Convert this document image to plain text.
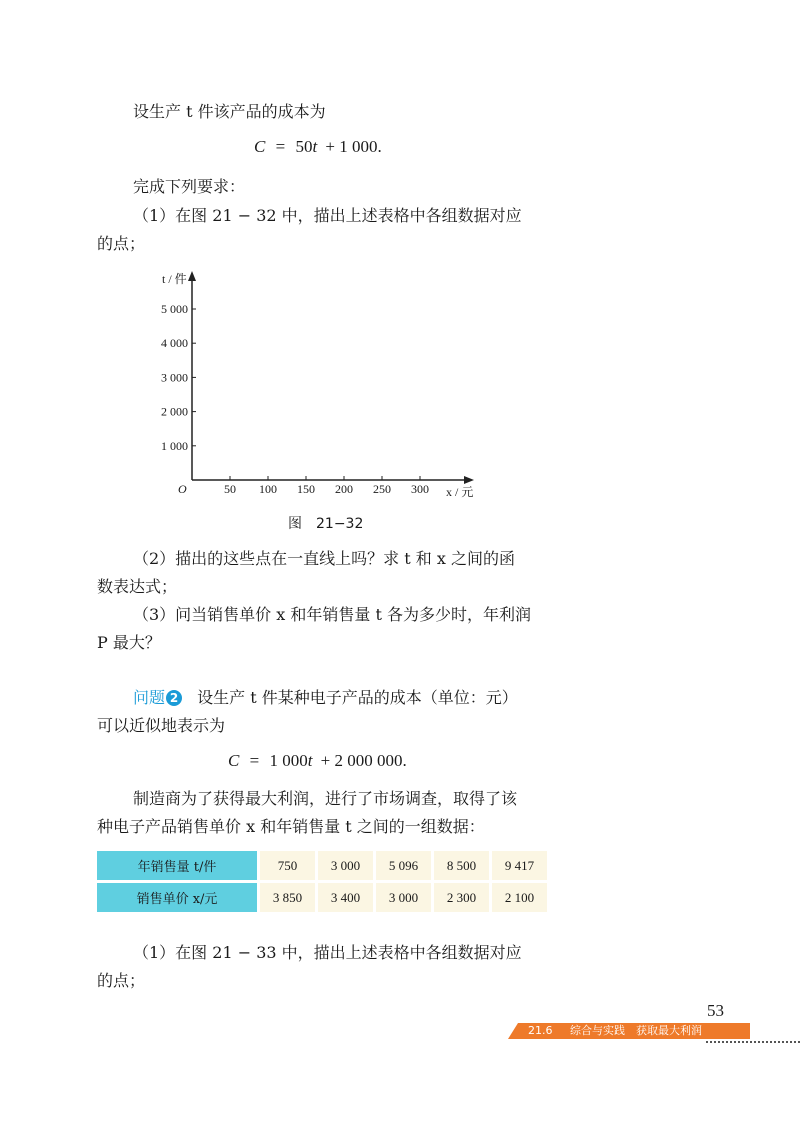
设生产 t 件该产品的成本为
C = 50t + 1 000.
完成下列要求：
（1）在图 21 − 32 中，描出上述表格中各组数据对应
的点；
50 100 150 200 250 300
1 000
2 000
3 000
4 000
5 000
O	x / 元
t / 件
图　21−32
（2）描出的这些点在一直线上吗？求 t 和 x 之间的函
数表达式；
（3）问当销售单价 x 和年销售量 t 各为多少时，年利润
P 最大？
问题 2 设生产 t 件某种电子产品的成本（单位：元）
可以近似地表示为
C = 1 000t + 2 000 000.
制造商为了获得最大利润，进行了市场调查，取得了该
种电子产品销售单价 x 和年销售量 t 之间的一组数据：
年销售量 t/件	750	3 000	5 096	8 500	9 417
销售单价 x/元	3 850	3 400	3 000	2 300	2 100
（1）在图 21 − 33 中，描出上述表格中各组数据对应
的点；
53
21.6 综合与实践　获取最大利润
